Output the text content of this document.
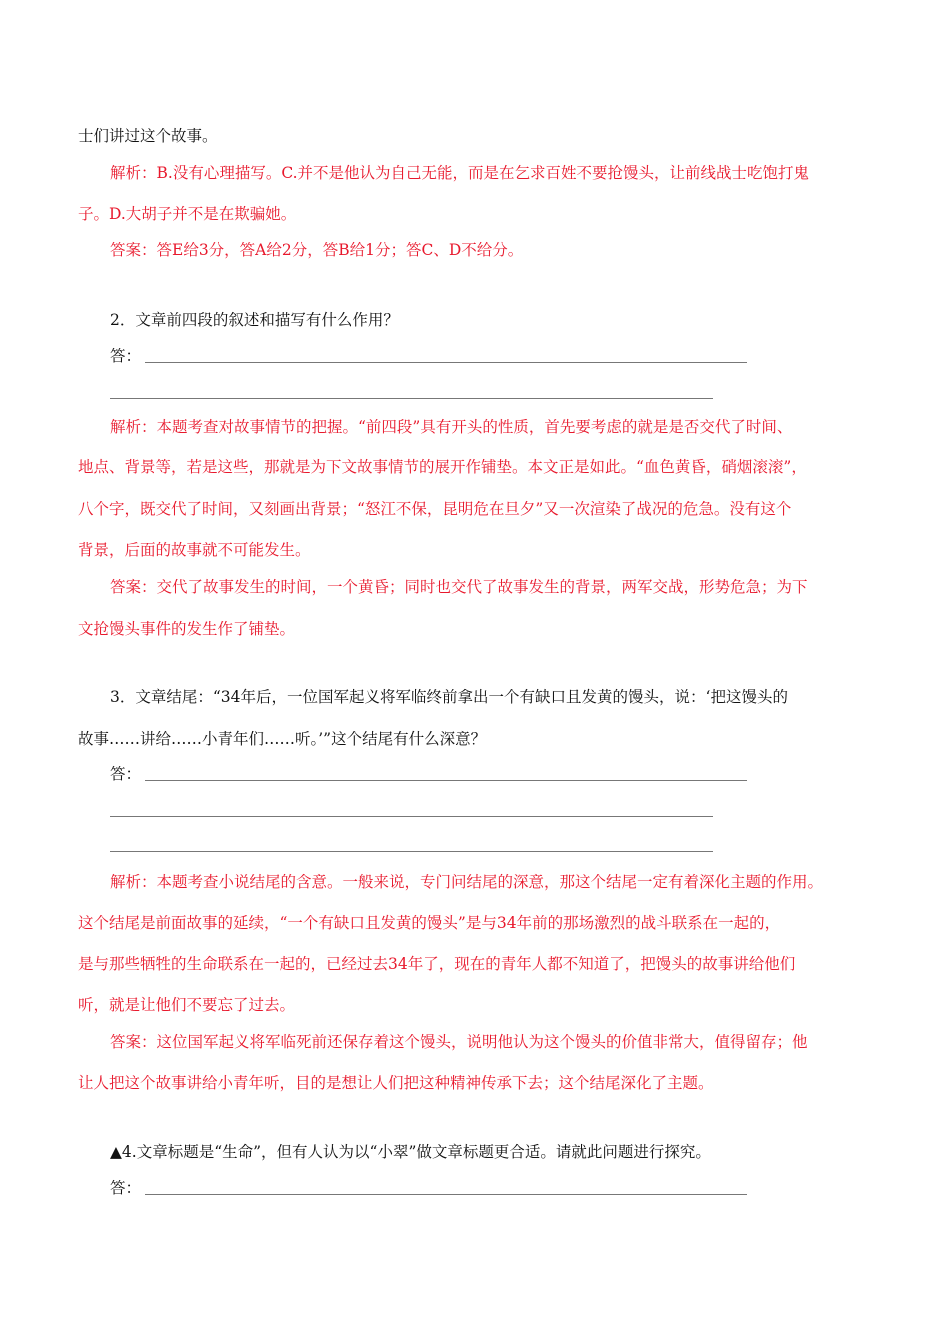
士们讲过这个故事。
解析：B.没有心理描写。C.并不是他认为自己无能，而是在乞求百姓不要抢馒头，让前线战士吃饱打鬼
子。D.大胡子并不是在欺骗她。
答案：答E给3分，答A给2分，答B给1分；答C、D不给分。
2．文章前四段的叙述和描写有什么作用？
答：
解析：本题考查对故事情节的把握。“前四段”具有开头的性质，首先要考虑的就是是否交代了时间、
地点、背景等，若是这些，那就是为下文故事情节的展开作铺垫。本文正是如此。“血色黄昏，硝烟滚滚”，
八个字，既交代了时间，又刻画出背景；“怒江不保，昆明危在旦夕”又一次渲染了战况的危急。没有这个
背景，后面的故事就不可能发生。
答案：交代了故事发生的时间，一个黄昏；同时也交代了故事发生的背景，两军交战，形势危急；为下
文抢馒头事件的发生作了铺垫。
3．文章结尾：“34年后，一位国军起义将军临终前拿出一个有缺口且发黄的馒头，说：‘把这馒头的
故事……讲给……小青年们……听。’”这个结尾有什么深意？
答：
解析：本题考查小说结尾的含意。一般来说，专门问结尾的深意，那这个结尾一定有着深化主题的作用。
这个结尾是前面故事的延续，“一个有缺口且发黄的馒头”是与34年前的那场激烈的战斗联系在一起的，
是与那些牺牲的生命联系在一起的，已经过去34年了，现在的青年人都不知道了，把馒头的故事讲给他们
听，就是让他们不要忘了过去。
答案：这位国军起义将军临死前还保存着这个馒头，说明他认为这个馒头的价值非常大，值得留存；他
让人把这个故事讲给小青年听，目的是想让人们把这种精神传承下去；这个结尾深化了主题。
▲4.文章标题是“生命”，但有人认为以“小翠”做文章标题更合适。请就此问题进行探究。
答：
